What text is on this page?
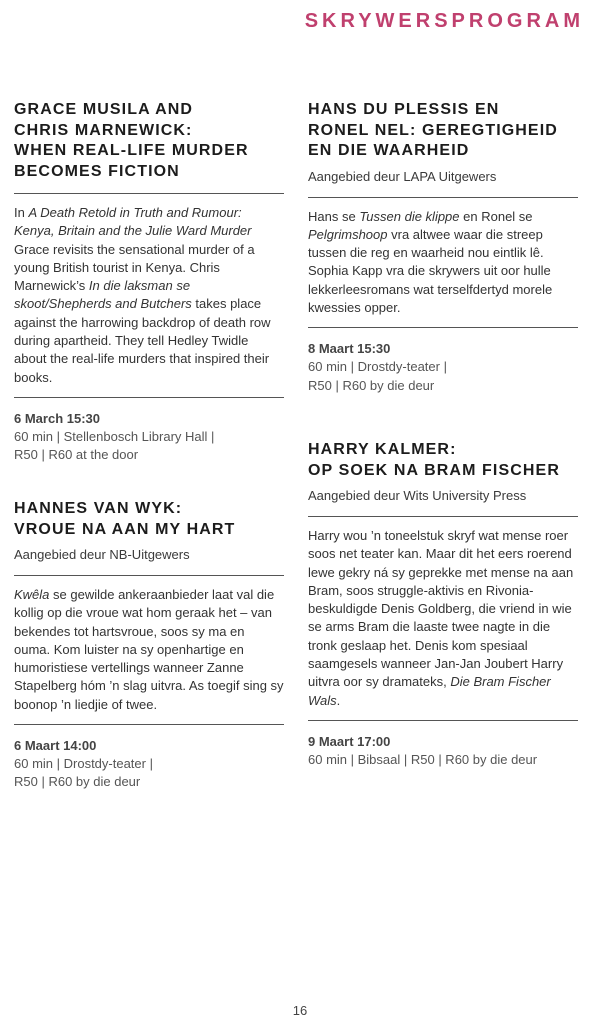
SKRYWERSPROGRAM
GRACE MUSILA AND
CHRIS MARNEWICK:
WHEN REAL-LIFE MURDER
BECOMES FICTION
In A Death Retold in Truth and Rumour: Kenya, Britain and the Julie Ward Murder Grace revisits the sensational murder of a young British tourist in Kenya. Chris Marnewick’s In die laksman se skoot/Shepherds and Butchers takes place against the harrowing backdrop of death row during apartheid. They tell Hedley Twidle about the real-life murders that inspired their books.
6 March 15:30
60 min | Stellenbosch Library Hall |
R50 | R60 at the door
HANNES VAN WYK:
VROUE NA AAN MY HART
Aangebied deur NB-Uitgewers
Kwêla se gewilde ankeraanbieder laat val die kollig op die vroue wat hom geraak het – van bekendes tot hartsvroue, soos sy ma en ouma. Kom luister na sy openhartige en humoristiese vertellings wanneer Zanne Stapelberg hóm ’n slag uitvra. As toegif sing sy boonop ’n liedjie of twee.
6 Maart 14:00
60 min | Drostdy-teater |
R50 | R60 by die deur
HANS DU PLESSIS EN
RONEL NEL: GEREGTIGHEID
EN DIE WAARHEID
Aangebied deur LAPA Uitgewers
Hans se Tussen die klippe en Ronel se Pelgrimshoop vra altwee waar die streep tussen die reg en waarheid nou eintlik lê. Sophia Kapp vra die skrywers uit oor hulle lekkerleesromans wat terselfdertyd morele kwessies opper.
8 Maart 15:30
60 min | Drostdy-teater |
R50 | R60 by die deur
HARRY KALMER:
OP SOEK NA BRAM FISCHER
Aangebied deur Wits University Press
Harry wou ’n toneelstuk skryf wat mense roer soos net teater kan. Maar dit het eers roerend lewe gekry ná sy geprekke met mense na aan Bram, soos struggle-aktivis en Rivonia-beskuldigde Denis Goldberg, die vriend in wie se arms Bram die laaste twee nagte in die tronk geslaap het. Denis kom spesiaal saamgesels wanneer Jan-Jan Joubert Harry uitvra oor sy dramateks, Die Bram Fischer Wals.
9 Maart 17:00
60 min | Bibsaal | R50 | R60 by die deur
16
